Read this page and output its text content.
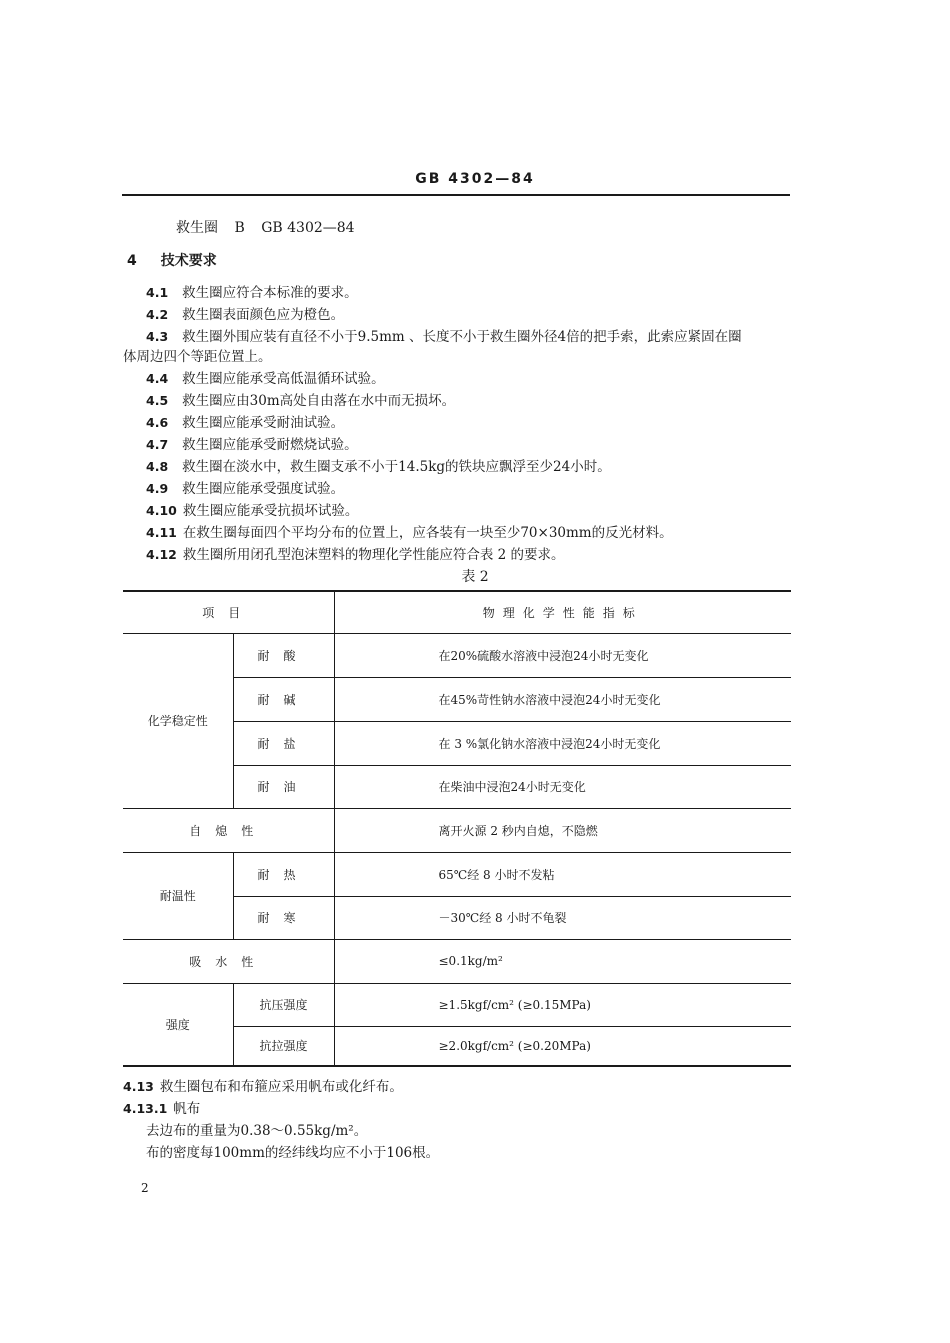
GB 4302—84
救生圈 B GB 4302—84
4 技术要求
4.1 救生圈应符合本标准的要求。
4.2 救生圈表面颜色应为橙色。
4.3 救生圈外围应装有直径不小于9.5mm 、长度不小于救生圈外径4倍的把手索，此索应紧固在圈
体周边四个等距位置上。
4.4 救生圈应能承受高低温循环试验。
4.5 救生圈应由30m高处自由落在水中而无损坏。
4.6 救生圈应能承受耐油试验。
4.7 救生圈应能承受耐燃烧试验。
4.8 救生圈在淡水中，救生圈支承不小于14.5kg的铁块应飘浮至少24小时。
4.9 救生圈应能承受强度试验。
4.10 救生圈应能承受抗损坏试验。
4.11 在救生圈每面四个平均分布的位置上，应各装有一块至少70×30mm的反光材料。
4.12 救生圈所用闭孔型泡沫塑料的物理化学性能应符合表 2 的要求。
表 2
项目		物理化学性能指标
化学稳定性	耐酸	在20%硫酸水溶液中浸泡24小时无变化
	耐碱	在45%苛性钠水溶液中浸泡24小时无变化
	耐盐	在 3 %氯化钠水溶液中浸泡24小时无变化
	耐油	在柴油中浸泡24小时无变化
自熄性		离开火源 2 秒内自熄，不隐燃
耐温性	耐热	65℃经 8 小时不发粘
	耐寒	－30℃经 8 小时不龟裂
吸水性		≤0.1kg/m²
强度	抗压强度	≥1.5kgf/cm² (≥0.15MPa)
	抗拉强度	≥2.0kgf/cm² (≥0.20MPa)
4.13 救生圈包布和布箍应采用帆布或化纤布。
4.13.1 帆布
去边布的重量为0.38～0.55kg/m²。
布的密度每100mm的经纬线均应不小于106根。
2
